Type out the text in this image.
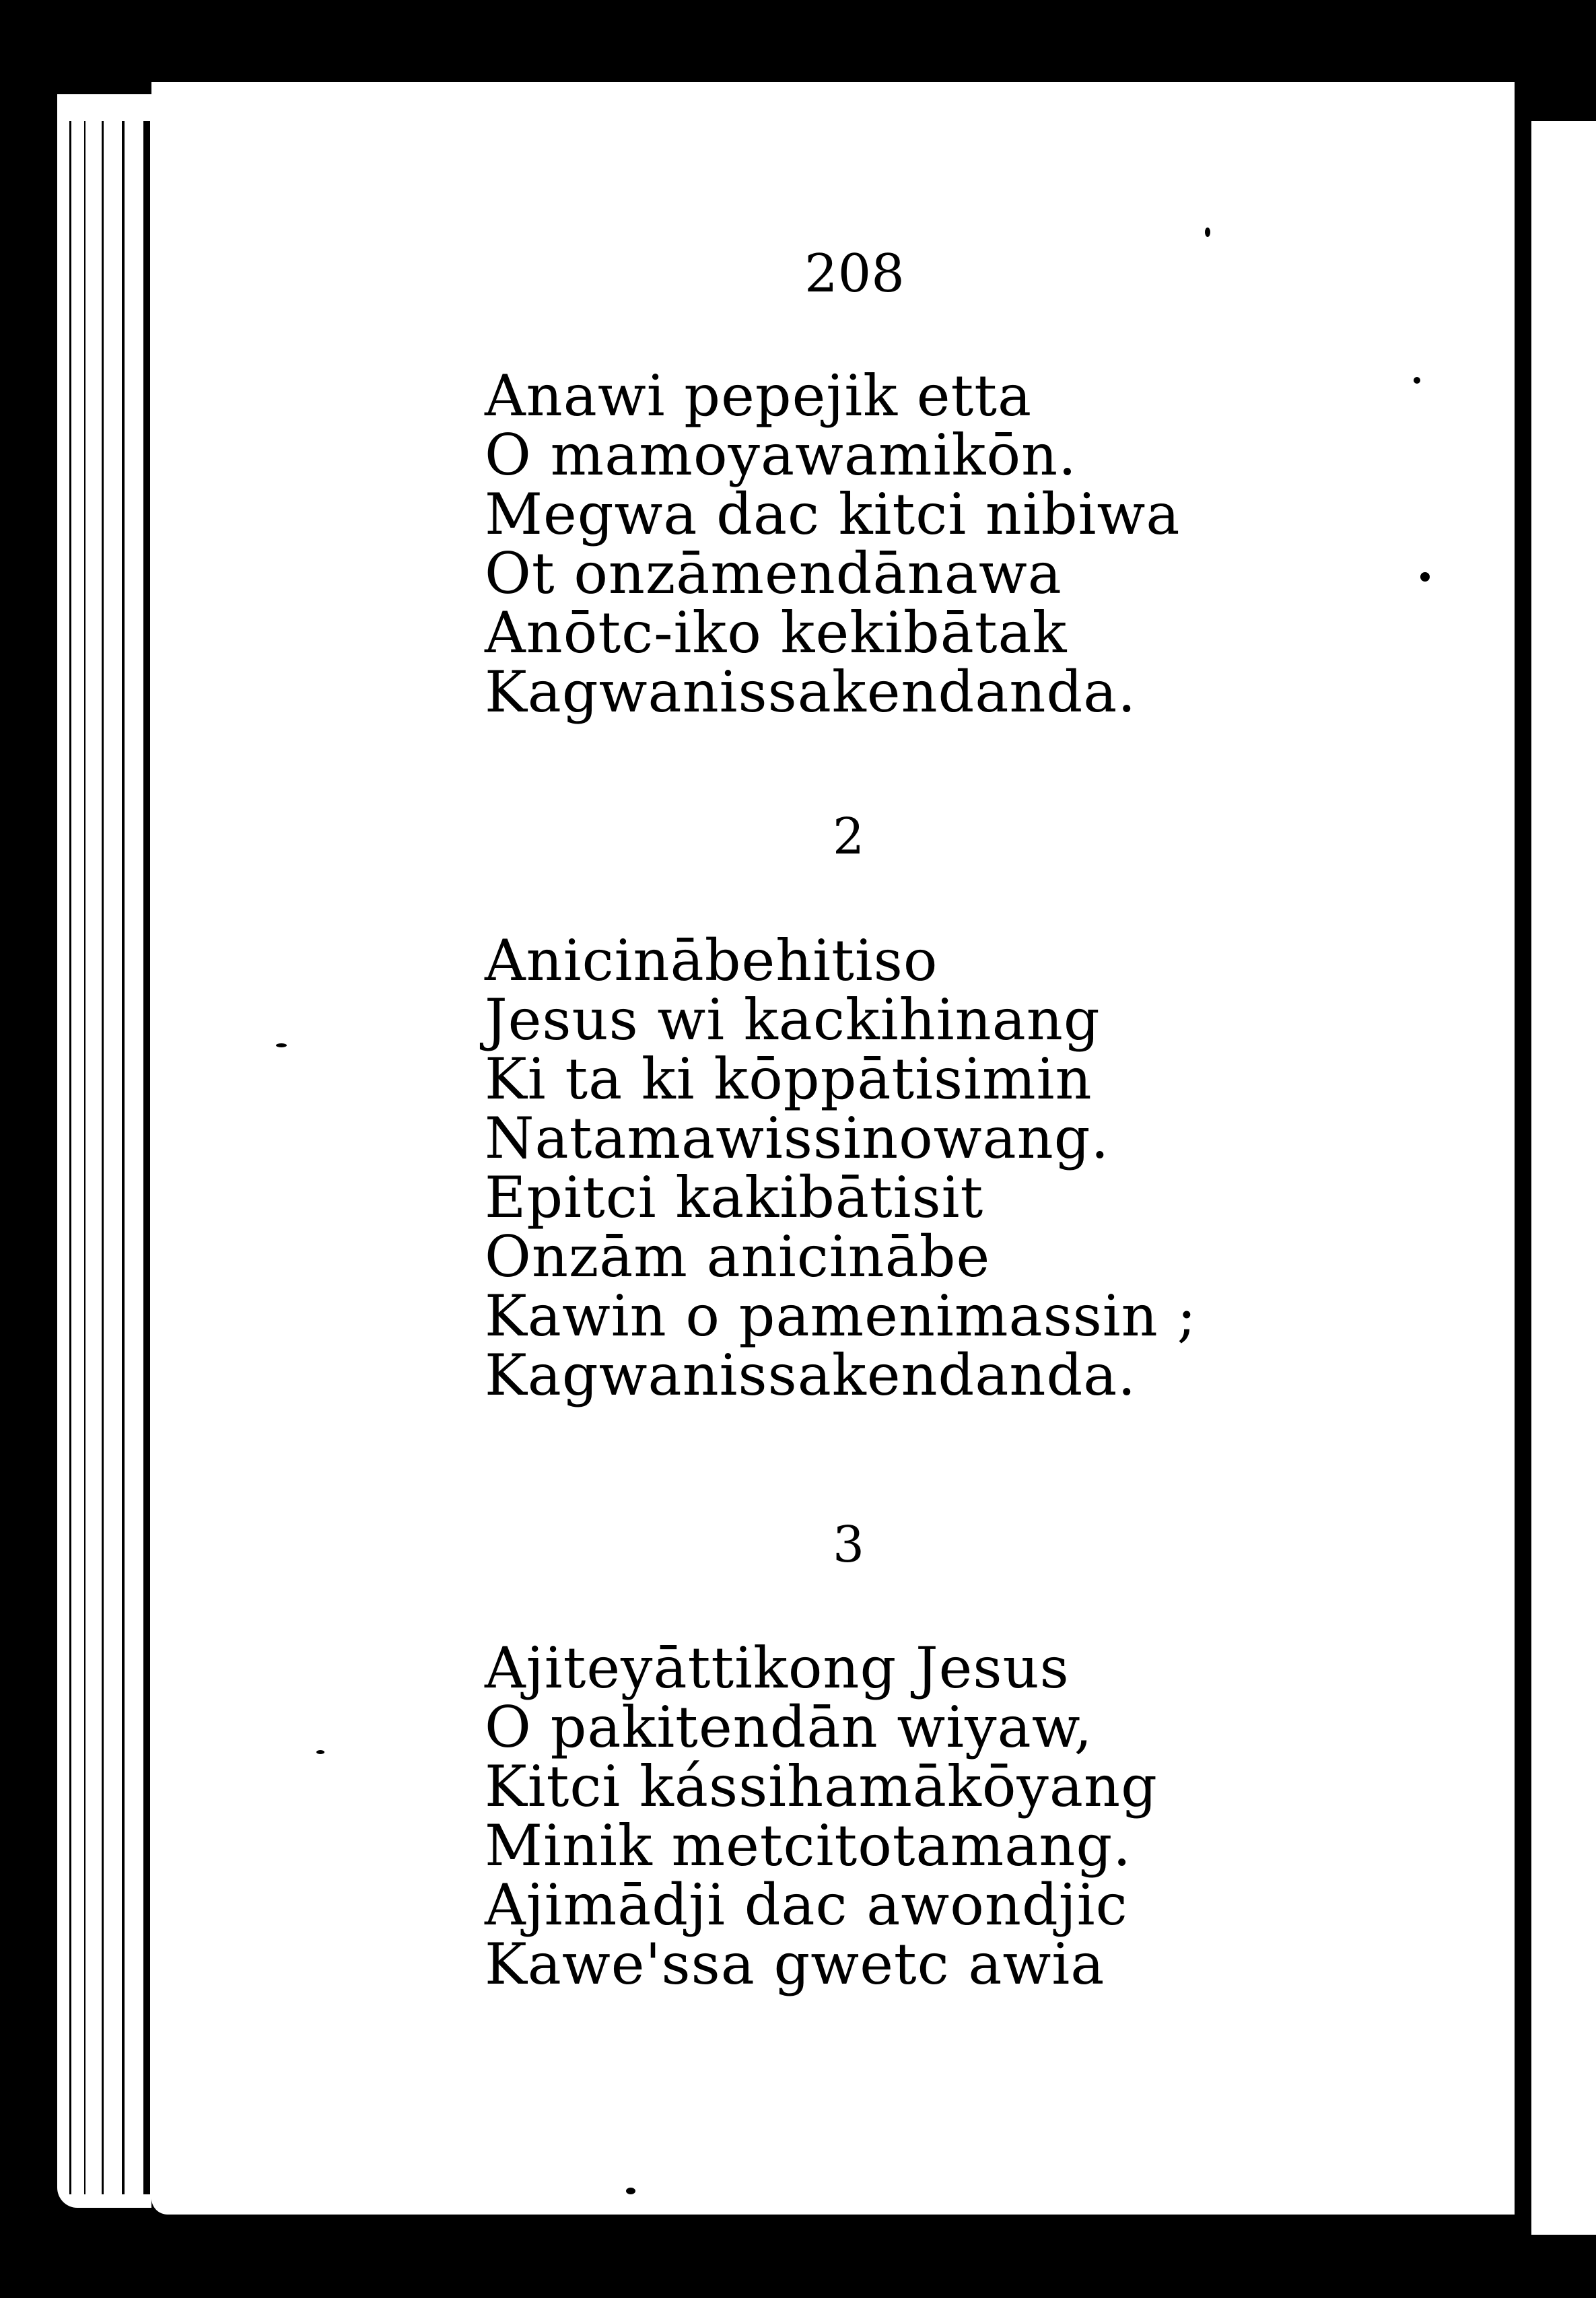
208
Anawi pepejik etta
O mamoyawamikōn.
Megwa dac kitci nibiwa
Ot onzāmendānawa
Anōtc-iko kekibātak
Kagwanissakendanda.
2
Anicinābehitiso
Jesus wi kackihinang
Ki ta ki kōppātisimin
Natamawissinowang.
Epitci kakibātisit
Onzām anicinābe
Kawin o pamenimassin ;
Kagwanissakendanda.
3
Ajiteyāttikong Jesus
O pakitendān wiyaw,
Kitci kássihamākōyang
Minik metcitotamang.
Ajimādji dac awondjic
Kawe'ssa gwetc awia
